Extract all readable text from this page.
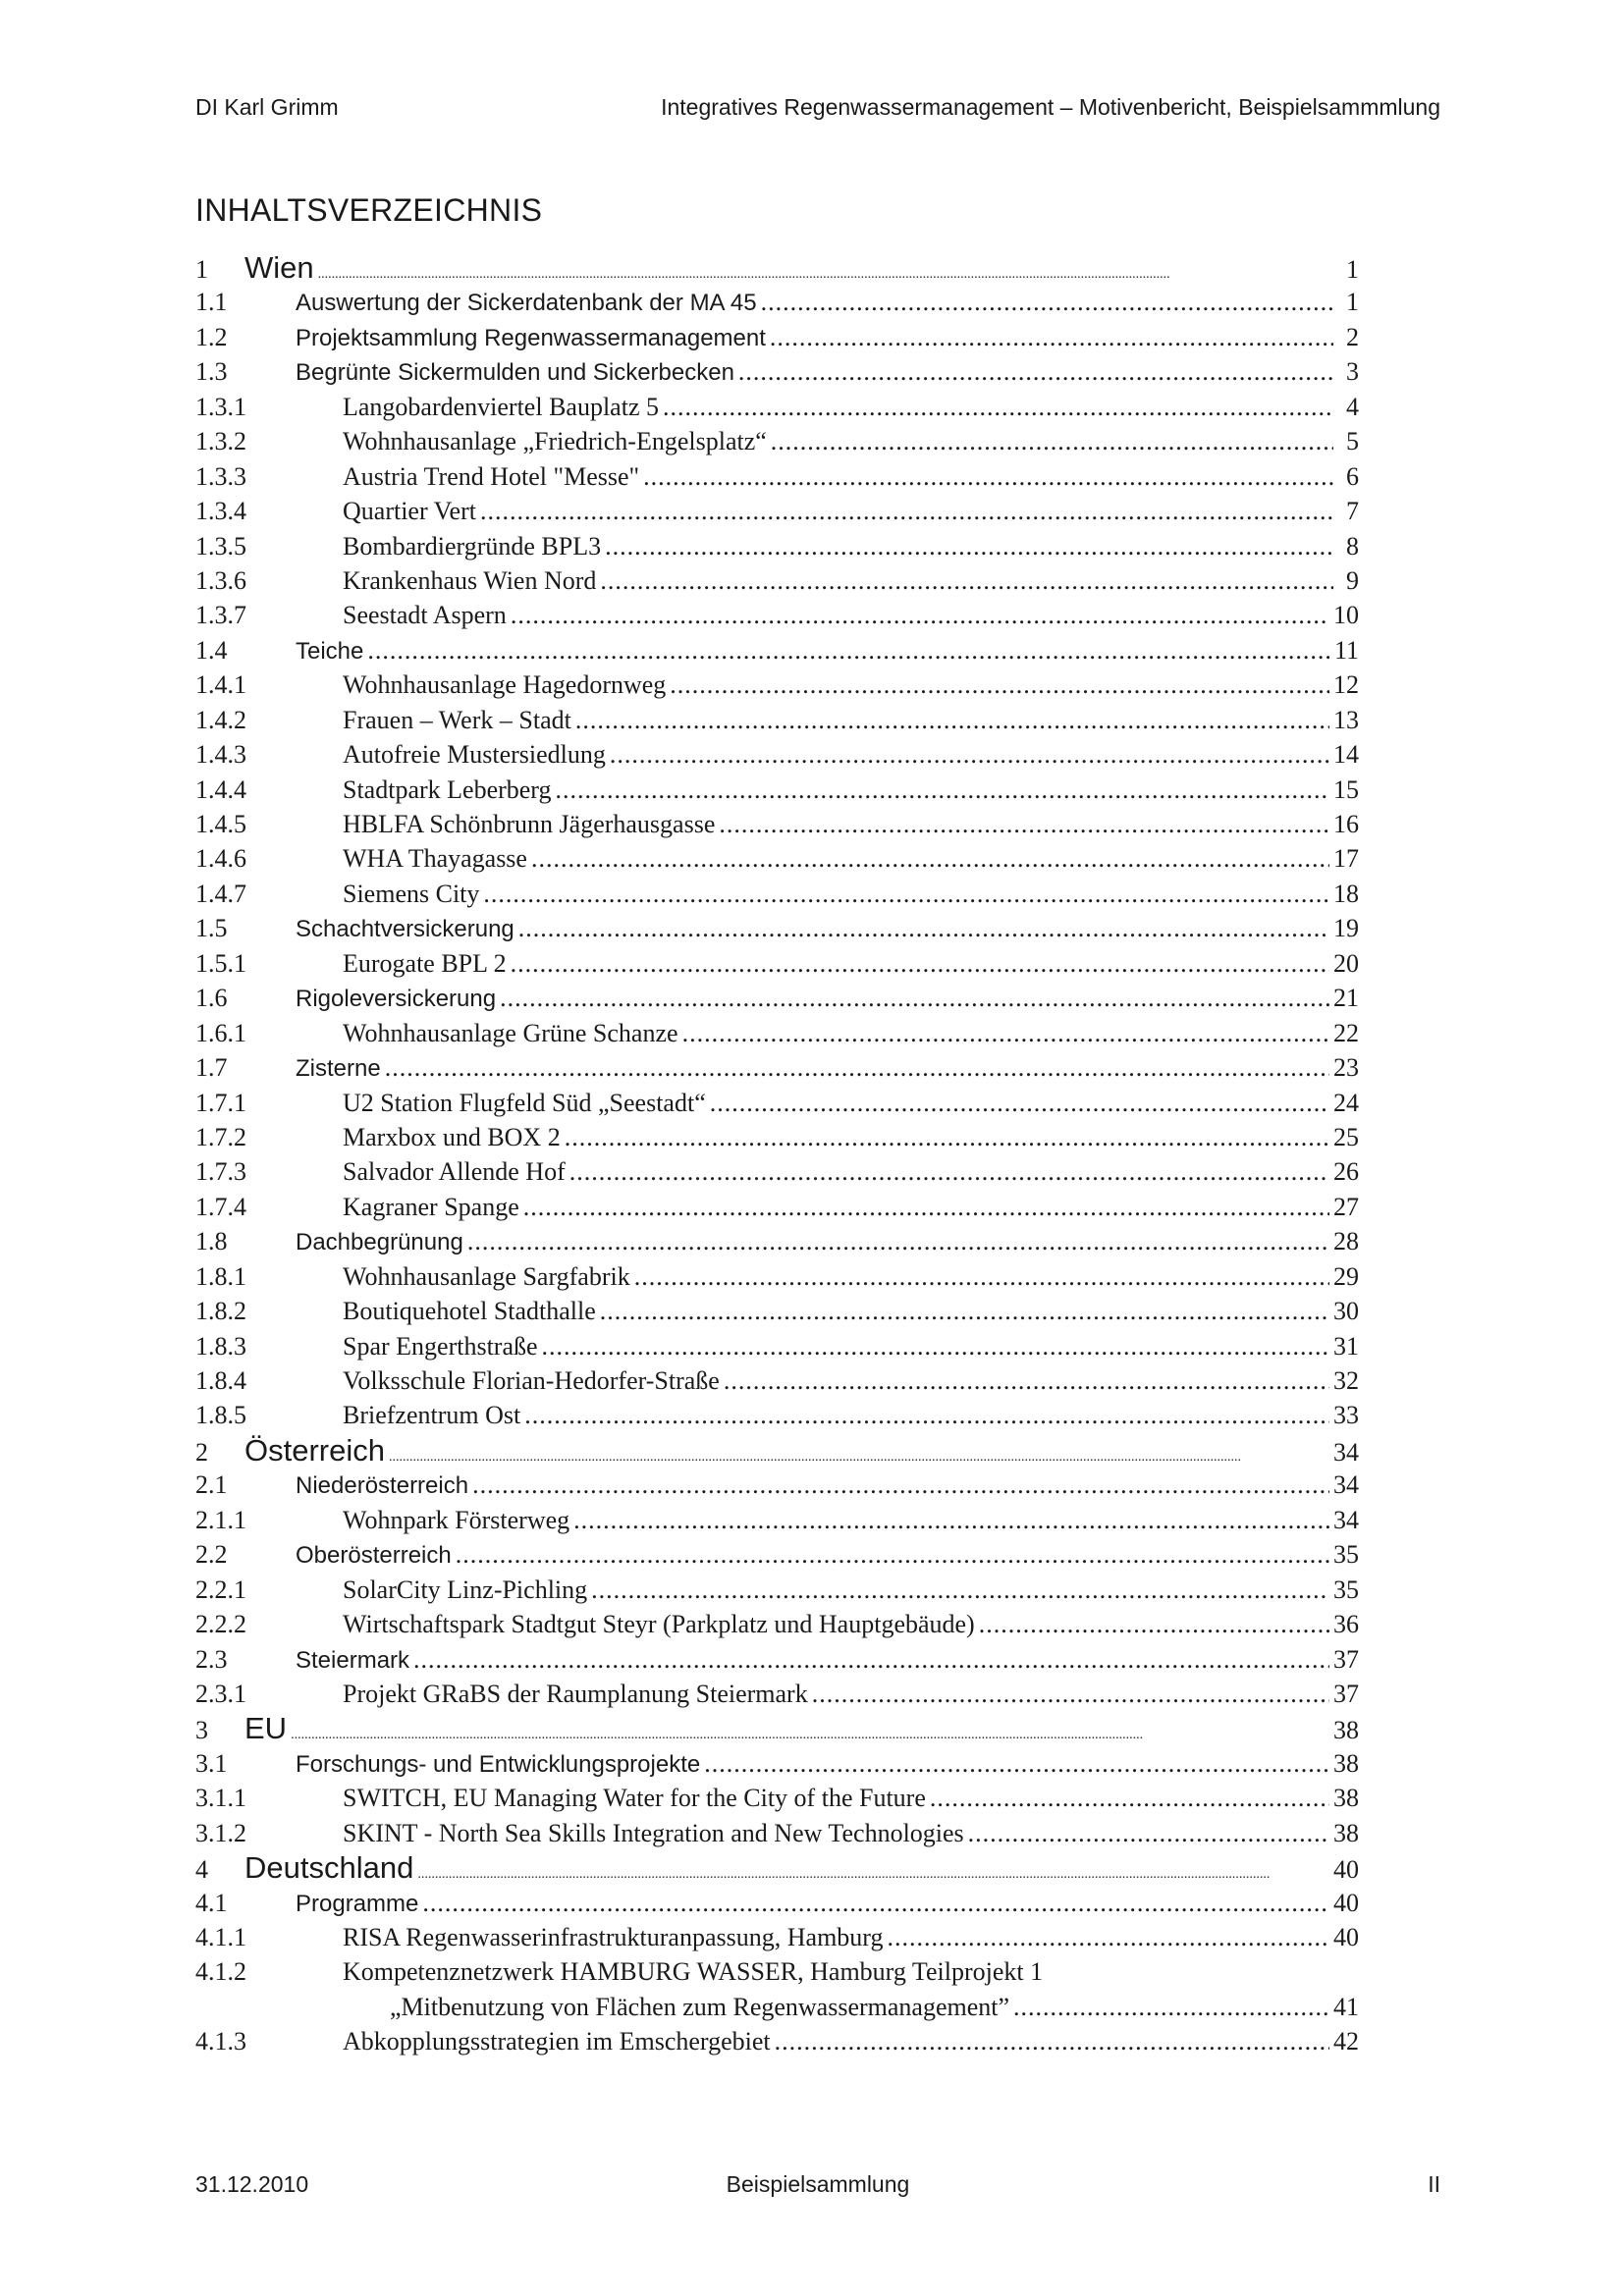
DI Karl Grimm	Integratives Regenwassermanagement – Motivenbericht, Beispielsammmlung
INHALTSVERZEICHNIS
1	Wien .....	1
1.1	Auswertung der Sickerdatenbank der MA 45 .....	1
1.2	Projektsammlung Regenwassermanagement .....	2
1.3	Begrünte Sickermulden und Sickerbecken .....	3
1.3.1	Langobardenviertel Bauplatz 5 .....	4
1.3.2	Wohnhausanlage „Friedrich-Engelsplatz“ .....	5
1.3.3	Austria Trend Hotel "Messe" .....	6
1.3.4	Quartier Vert .....	7
1.3.5	Bombardiergründe BPL3 .....	8
1.3.6	Krankenhaus Wien Nord .....	9
1.3.7	Seestadt Aspern .....	10
1.4	Teiche .....	11
1.4.1	Wohnhausanlage Hagedornweg .....	12
1.4.2	Frauen – Werk – Stadt .....	13
1.4.3	Autofreie Mustersiedlung .....	14
1.4.4	Stadtpark Leberberg .....	15
1.4.5	HBLFA Schönbrunn Jägerhausgasse .....	16
1.4.6	WHA Thayagasse .....	17
1.4.7	Siemens City .....	18
1.5	Schachtversickerung .....	19
1.5.1	Eurogate BPL 2 .....	20
1.6	Rigoleversickerung .....	21
1.6.1	Wohnhausanlage Grüne Schanze .....	22
1.7	Zisterne .....	23
1.7.1	U2 Station Flugfeld Süd „Seestadt“ .....	24
1.7.2	Marxbox und BOX 2 .....	25
1.7.3	Salvador Allende Hof .....	26
1.7.4	Kagraner Spange .....	27
1.8	Dachbegrünung .....	28
1.8.1	Wohnhausanlage Sargfabrik .....	29
1.8.2	Boutiquehotel Stadthalle .....	30
1.8.3	Spar Engerthstraße .....	31
1.8.4	Volksschule Florian-Hedorfer-Straße .....	32
1.8.5	Briefzentrum Ost .....	33
2	Österreich .....	34
2.1	Niederösterreich .....	34
2.1.1	Wohnpark Försterweg .....	34
2.2	Oberösterreich .....	35
2.2.1	SolarCity Linz-Pichling .....	35
2.2.2	Wirtschaftspark Stadtgut Steyr (Parkplatz und Hauptgebäude) .....	36
2.3	Steiermark .....	37
2.3.1	Projekt GRaBS der Raumplanung Steiermark .....	37
3	EU .....	38
3.1	Forschungs- und Entwicklungsprojekte .....	38
3.1.1	SWITCH, EU Managing Water for the City of the Future .....	38
3.1.2	SKINT - North Sea Skills Integration and New Technologies .....	38
4	Deutschland .....	40
4.1	Programme .....	40
4.1.1	RISA Regenwasserinfrastrukturanpassung, Hamburg .....	40
4.1.2	Kompetenznetzwerk HAMBURG WASSER, Hamburg Teilprojekt 1
„Mitbenutzung von Flächen zum Regenwassermanagement” .....	41
4.1.3	Abkopplungsstrategien im Emschergebiet .....	42
31.12.2010	Beispielsammlung	II
